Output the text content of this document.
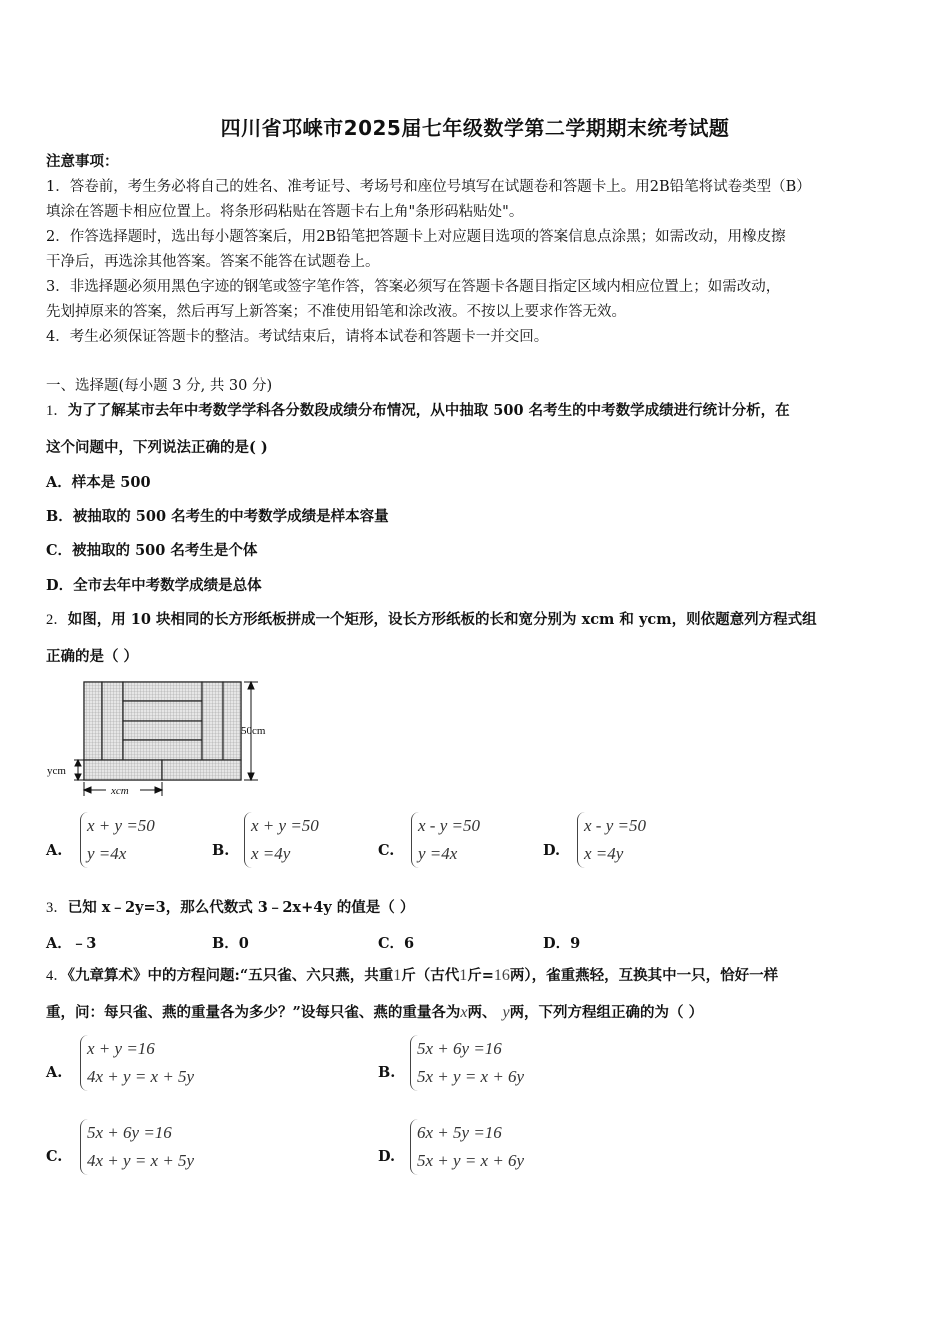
四川省邛崃市2025届七年级数学第二学期期末统考试题
注意事项：
1．答卷前，考生务必将自己的姓名、准考证号、考场号和座位号填写在试题卷和答题卡上。用2B铅笔将试卷类型（B）
填涂在答题卡相应位置上。将条形码粘贴在答题卡右上角"条形码粘贴处"。
2．作答选择题时，选出每小题答案后，用2B铅笔把答题卡上对应题目选项的答案信息点涂黑；如需改动，用橡皮擦
干净后，再选涂其他答案。答案不能答在试题卷上。
3．非选择题必须用黑色字迹的钢笔或签字笔作答，答案必须写在答题卡各题目指定区域内相应位置上；如需改动，
先划掉原来的答案，然后再写上新答案；不准使用铅笔和涂改液。不按以上要求作答无效。
4．考生必须保证答题卡的整洁。考试结束后，请将本试卷和答题卡一并交回。
一、选择题(每小题 3 分, 共 30 分)
1．为了了解某市去年中考数学学科各分数段成绩分布情况，从中抽取 500 名考生的中考数学成绩进行统计分析，在
这个问题中，下列说法正确的是( )
A．样本是 500
B．被抽取的 500 名考生的中考数学成绩是样本容量
C．被抽取的 500 名考生是个体
D．全市去年中考数学成绩是总体
2．如图，用 10 块相同的长方形纸板拼成一个矩形，设长方形纸板的长和宽分别为 xcm 和 ycm，则依题意列方程式组
正确的是（ ）
50cm
ycm
xcm
A.
x + y =50
y =4x	B.
x + y =50
x =4y	C.
x - y =50
y =4x	D.
x - y =50
x =4y
3．已知 x﹣2y=3，那么代数式 3﹣2x+4y 的值是（ ）
A．﹣3	B．0	C．6	D．9
4．《九章算术》中的方程问题:“五只雀、六只燕，共重1斤（古代1斤=16两），雀重燕轻，互换其中一只，恰好一样
重，问：每只雀、燕的重量各为多少？”设每只雀、燕的重量各为x两、 y两，下列方程组正确的为（ ）
A.
x + y =16
4x + y = x + 5y	B.
5x + 6y =16
5x + y = x + 6y
C.
5x + 6y =16
4x + y = x + 5y	D.
6x + 5y =16
5x + y = x + 6y
